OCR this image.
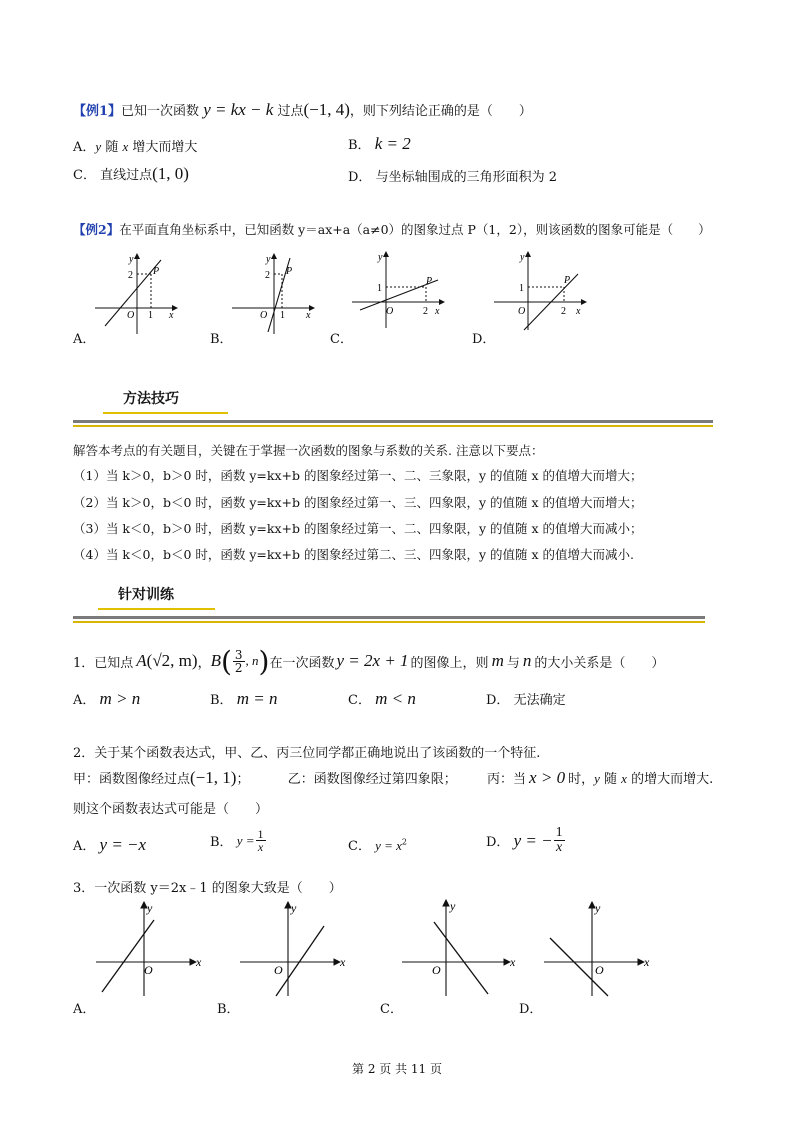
【例1】已知一次函数 y = kx − k 过点(−1, 4)，则下列结论正确的是（　　）
A．y 随 x 增大而增大	B． k = 2
C． 直线过点(1, 0)	D． 与坐标轴围成的三角形面积为 2
【例2】在平面直角坐标系中，已知函数 y＝ax+a（a≠0）的图象过点 P（1，2），则该函数的图象可能是（　　）
y
2 P
O 1 x
A．
y
2 P
O 1 x
B．
y
1
P
O	2 x
C．
y
1
P
O	2 x
D．
方法技巧
解答本考点的有关题目，关键在于掌握一次函数的图象与系数的关系. 注意以下要点：
（1）当 k＞0，b＞0 时，函数 y=kx+b 的图象经过第一、二、三象限，y 的值随 x 的值增大而增大；
（2）当 k＞0，b＜0 时，函数 y=kx+b 的图象经过第一、三、四象限，y 的值随 x 的值增大而增大；
（3）当 k＜0，b＞0 时，函数 y=kx+b 的图象经过第一、二、四象限，y 的值随 x 的值增大而减小；
（4）当 k＜0，b＜0 时，函数 y=kx+b 的图象经过第二、三、四象限，y 的值随 x 的值增大而减小.
针对训练
1．已知点 A (√2, m) ， B ( $\frac{3}{2}$ , n ) 在一次函数 y = 2x + 1 的图像上，则 m 与 n 的大小关系是（　　）
A． m > n	B． m = n	C． m < n	D． 无法确定
2．关于某个函数表达式，甲、乙、丙三位同学都正确地说出了该函数的一个特征.
甲：函数图像经过点(−1, 1)；	乙：函数图像经过第四象限； 丙：当 x > 0 时，y 随 x 的增大而增大.
则这个函数表达式可能是（　　）
A． y = −x	B．
$y = \frac{1}{x}$	C． $y = x^2$	D．
y = − $\frac{1}{x}$
3．一次函数 y＝2x﹣1 的图象大致是（　　）
y
O
x
A．
y
O
x
B．
y
O
x
C．
y
O
x
D．
第 2 页 共 11 页
